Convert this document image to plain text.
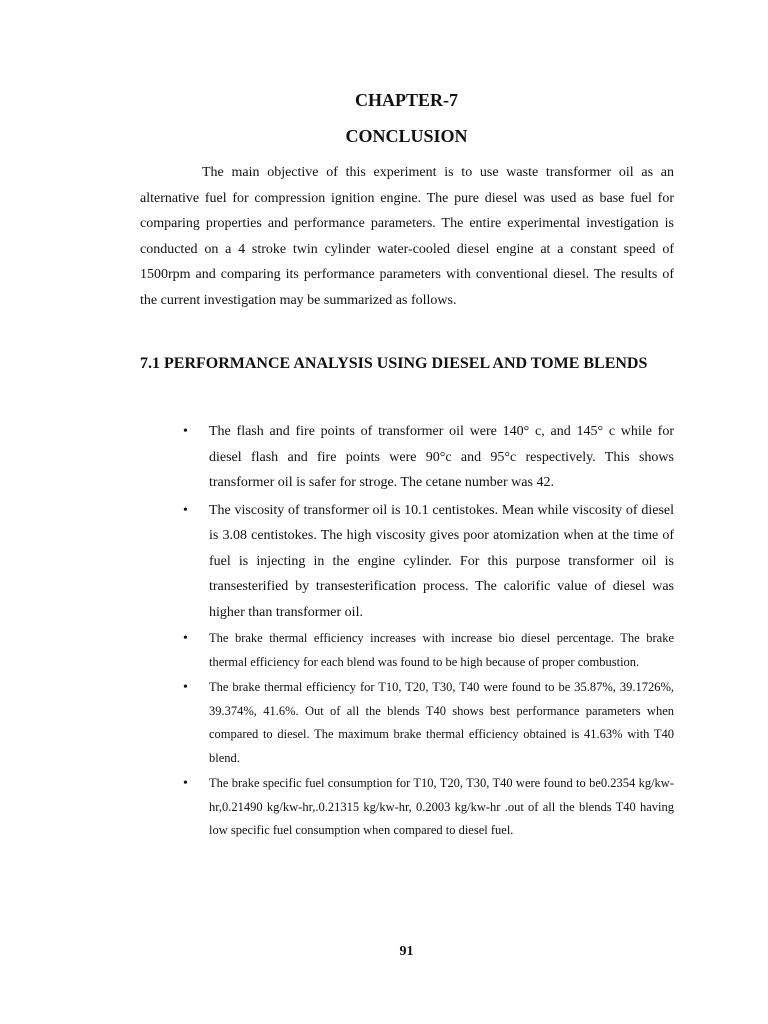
CHAPTER-7
CONCLUSION

The main objective of this experiment is to use waste transformer oil as an alternative fuel for compression ignition engine. The pure diesel was used as base fuel for comparing properties and performance parameters. The entire experimental investigation is conducted on a 4 stroke twin cylinder water-cooled diesel engine at a constant speed of 1500rpm and comparing its performance parameters with conventional diesel. The results of the current investigation may be summarized as follows.

7.1 PERFORMANCE ANALYSIS USING DIESEL AND TOME BLENDS
• The flash and fire points of transformer oil were 140° c, and 145° c while for diesel flash and fire points were 90°c and 95°c respectively. This shows transformer oil is safer for stroge. The cetane number was 42.
• The viscosity of transformer oil is 10.1 centistokes. Mean while viscosity of diesel is 3.08 centistokes. The high viscosity gives poor atomization when at the time of fuel is injecting in the engine cylinder. For this purpose transformer oil is transesterified by transesterification process. The calorific value of diesel was higher than transformer oil.
• The brake thermal efficiency increases with increase bio diesel percentage. The brake thermal efficiency for each blend was found to be high because of proper combustion.
• The brake thermal efficiency for T10, T20, T30, T40 were found to be 35.87%, 39.1726%, 39.374%, 41.6%. Out of all the blends T40 shows best performance parameters when compared to diesel. The maximum brake thermal efficiency obtained is 41.63% with T40 blend.
• The brake specific fuel consumption for T10, T20, T30, T40 were found to be0.2354 kg/kw-hr,0.21490 kg/kw-hr,.0.21315 kg/kw-hr, 0.2003 kg/kw-hr .out of all the blends T40 having low specific fuel consumption when compared to diesel fuel.
91
